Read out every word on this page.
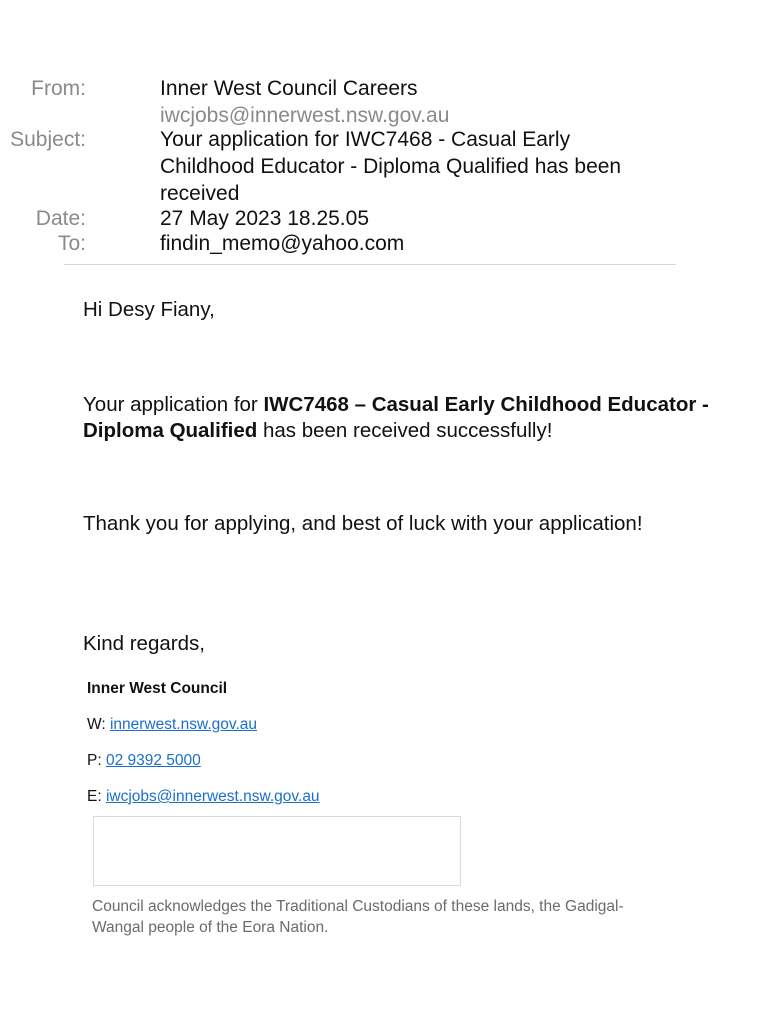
From:	Inner West Council Careers
iwcjobs@innerwest.nsw.gov.au
Subject:	Your application for IWC7468 - Casual Early Childhood Educator - Diploma Qualified has been received
Date:	27 May 2023 18.25.05
To:	findin_memo@yahoo.com
Hi Desy Fiany,
Your application for IWC7468 – Casual Early Childhood Educator - Diploma Qualified has been received successfully!
Thank you for applying, and best of luck with your application!
Kind regards,
Inner West Council
W: innerwest.nsw.gov.au
P: 02 9392 5000
E: iwcjobs@innerwest.nsw.gov.au
Council acknowledges the Traditional Custodians of these lands, the Gadigal-Wangal people of the Eora Nation.
